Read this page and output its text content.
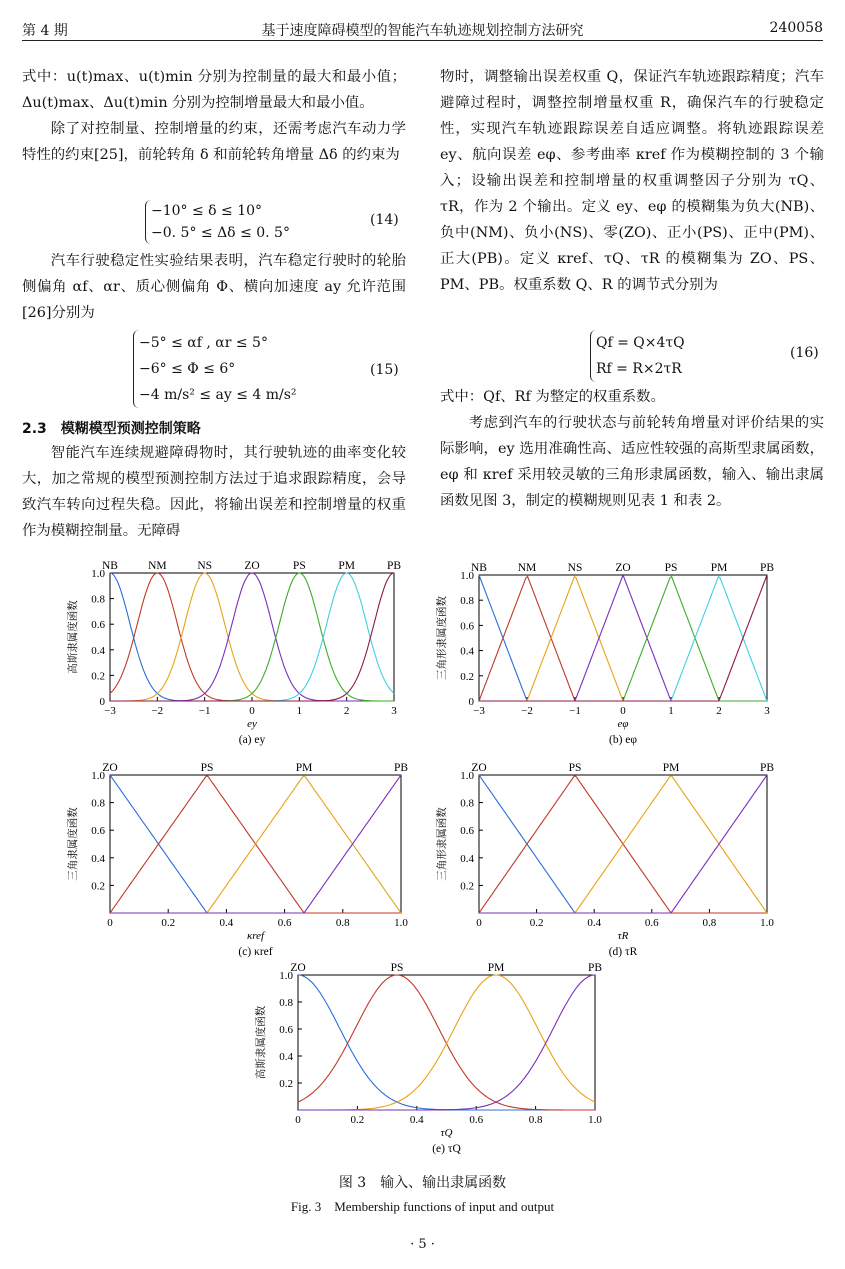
第 4 期	基于速度障碍模型的智能汽车轨迹规划控制方法研究	240058

式中：u(t)max、u(t)min 分别为控制量的最大和最小值；Δu(t)max、Δu(t)min 分别为控制增量最大和最小值。

除了对控制量、控制增量的约束，还需考虑汽车动力学特性的约束[25]，前轮转角 δ 和前轮转角增量 Δδ 的约束为

−10° ≤ δ ≤ 10°
−0. 5° ≤ Δδ ≤ 0. 5°
(14)

汽车行驶稳定性实验结果表明，汽车稳定行驶时的轮胎侧偏角 αf、αr、质心侧偏角 Φ、横向加速度 ay 允许范围[26]分别为

−5° ≤ αf , αr ≤ 5°
−6° ≤ Φ ≤ 6°
−4 m/s² ≤ ay ≤ 4 m/s²
(15)
2.3　模糊模型预测控制策略

智能汽车连续规避障碍物时，其行驶轨迹的曲率变化较大，加之常规的模型预测控制方法过于追求跟踪精度，会导致汽车转向过程失稳。因此，将输出误差和控制增量的权重作为模糊控制量。无障碍

物时，调整输出误差权重 Q，保证汽车轨迹跟踪精度；汽车避障过程时，调整控制增量权重 R，确保汽车的行驶稳定性，实现汽车轨迹跟踪误差自适应调整。将轨迹跟踪误差 ey、航向误差 eφ、参考曲率 κref 作为模糊控制的 3 个输入；设输出误差和控制增量的权重调整因子分别为 τQ、τR，作为 2 个输出。定义 ey、eφ 的模糊集为负大(NB)、负中(NM)、负小(NS)、零(ZO)、正小(PS)、正中(PM)、正大(PB)。定义 κref、τQ、τR 的模糊集为 ZO、PS、PM、PB。权重系数 Q、R 的调节式分别为

Qf = Q×4τQ
Rf = R×2τR
(16)

式中：Qf、Rf 为整定的权重系数。

考虑到汽车的行驶状态与前轮转角增量对评价结果的实际影响，ey 选用准确性高、适应性较强的高斯型隶属函数，eφ 和 κref 采用较灵敏的三角形隶属函数，输入、输出隶属函数见图 3，制定的模糊规则见表 1 和表 2。

−3	−2	−1	0	1	2	3
0
0.2
0.4
0.6
0.8
1.0
NB	NM	NS	ZO	PS	PM	PB
ey
高斯隶属度函数
(a) ey
−3	−2	−1	0	1	2	3
0
0.2
0.4
0.6
0.8
1.0
NB	NM	NS	ZO	PS	PM	PB
eφ
三角形隶属度函数
(b) eφ
0	0.2	0.4	0.6	0.8	1.0
0.2
0.4
0.6
0.8
1.0
ZO	PS	PM	PB
κref
三角隶属度函数
(c) κref
0	0.2	0.4	0.6	0.8	1.0
0.2
0.4
0.6
0.8
1.0
ZO	PS	PM	PB
τR
三角形隶属函数
(d) τR
0	0.2	0.4	0.6	0.8	1.0
0.2
0.4
0.6
0.8
1.0
ZO	PS	PM	PB
τQ
高斯隶属度函数
(e) τQ
图 3　输入、输出隶属函数
Fig. 3　Membership functions of input and output
· 5 ·
